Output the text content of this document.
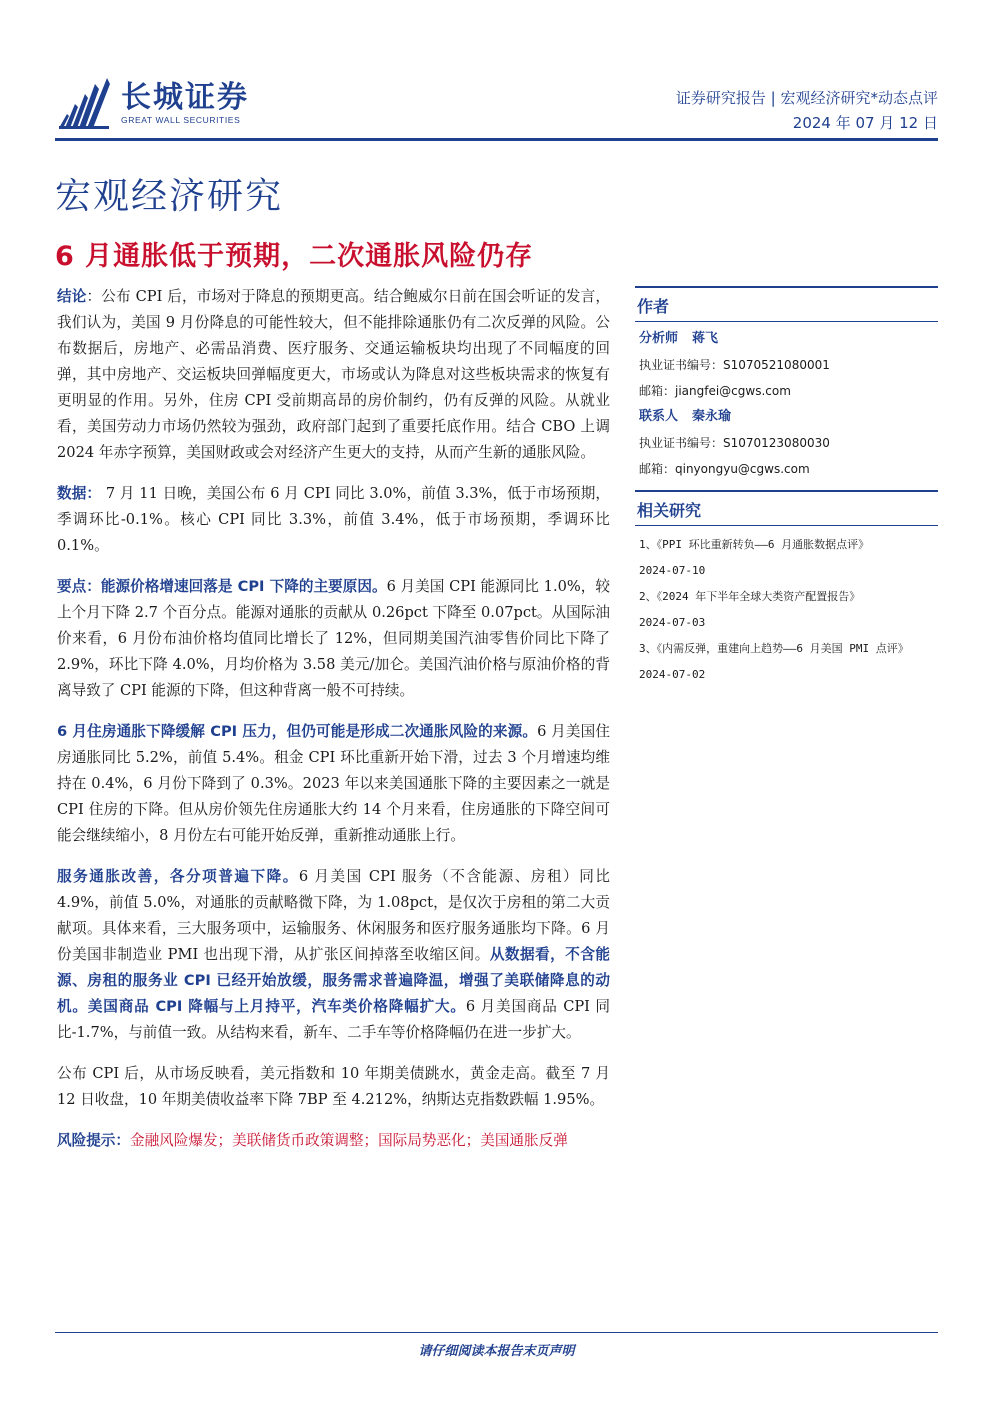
长城证券
GREAT WALL SECURITIES
证券研究报告 | 宏观经济研究*动态点评
2024 年 07 月 12 日
宏观经济研究
6 月通胀低于预期，二次通胀风险仍存

结论：公布 CPI 后，市场对于降息的预期更高。结合鲍威尔日前在国会听证的发言，我们认为，美国 9 月份降息的可能性较大，但不能排除通胀仍有二次反弹的风险。公布数据后，房地产、必需品消费、医疗服务、交通运输板块均出现了不同幅度的回弹，其中房地产、交运板块回弹幅度更大，市场或认为降息对这些板块需求的恢复有更明显的作用。另外，住房 CPI 受前期高昂的房价制约，仍有反弹的风险。从就业看，美国劳动力市场仍然较为强劲，政府部门起到了重要托底作用。结合 CBO 上调 2024 年赤字预算，美国财政或会对经济产生更大的支持，从而产生新的通胀风险。

数据： 7 月 11 日晚，美国公布 6 月 CPI 同比 3.0%，前值 3.3%，低于市场预期，季调环比-0.1%。核心 CPI 同比 3.3%，前值 3.4%，低于市场预期，季调环比 0.1%。

要点：能源价格增速回落是 CPI 下降的主要原因。6 月美国 CPI 能源同比 1.0%，较上个月下降 2.7 个百分点。能源对通胀的贡献从 0.26pct 下降至 0.07pct。从国际油价来看，6 月份布油价格均值同比增长了 12%，但同期美国汽油零售价同比下降了 2.9%，环比下降 4.0%，月均价格为 3.58 美元/加仑。美国汽油价格与原油价格的背离导致了 CPI 能源的下降，但这种背离一般不可持续。

6 月住房通胀下降缓解 CPI 压力，但仍可能是形成二次通胀风险的来源。6 月美国住房通胀同比 5.2%，前值 5.4%。租金 CPI 环比重新开始下滑，过去 3 个月增速均维持在 0.4%，6 月份下降到了 0.3%。2023 年以来美国通胀下降的主要因素之一就是 CPI 住房的下降。但从房价领先住房通胀大约 14 个月来看，住房通胀的下降空间可能会继续缩小，8 月份左右可能开始反弹，重新推动通胀上行。

服务通胀改善，各分项普遍下降。6 月美国 CPI 服务（不含能源、房租）同比 4.9%，前值 5.0%，对通胀的贡献略微下降，为 1.08pct，是仅次于房租的第二大贡献项。具体来看，三大服务项中，运输服务、休闲服务和医疗服务通胀均下降。6 月份美国非制造业 PMI 也出现下滑，从扩张区间掉落至收缩区间。从数据看，不含能源、房租的服务业 CPI 已经开始放缓，服务需求普遍降温，增强了美联储降息的动机。美国商品 CPI 降幅与上月持平，汽车类价格降幅扩大。6 月美国商品 CPI 同比-1.7%，与前值一致。从结构来看，新车、二手车等价格降幅仍在进一步扩大。

公布 CPI 后，从市场反映看，美元指数和 10 年期美债跳水，黄金走高。截至 7 月 12 日收盘，10 年期美债收益率下降 7BP 至 4.212%，纳斯达克指数跌幅 1.95%。

风险提示：金融风险爆发；美联储货币政策调整；国际局势恶化；美国通胀反弹

作者
分析师 蒋飞
执业证书编号：S1070521080001
邮箱：jiangfei@cgws.com
联系人 秦永瑜
执业证书编号：S1070123080030
邮箱：qinyongyu@cgws.com
相关研究
1、《PPI 环比重新转负——6 月通胀数据点评》
2024-07-10
2、《2024 年下半年全球大类资产配置报告》
2024-07-03
3、《内需反弹，重建向上趋势——6 月美国 PMI 点评》
2024-07-02
请仔细阅读本报告末页声明
